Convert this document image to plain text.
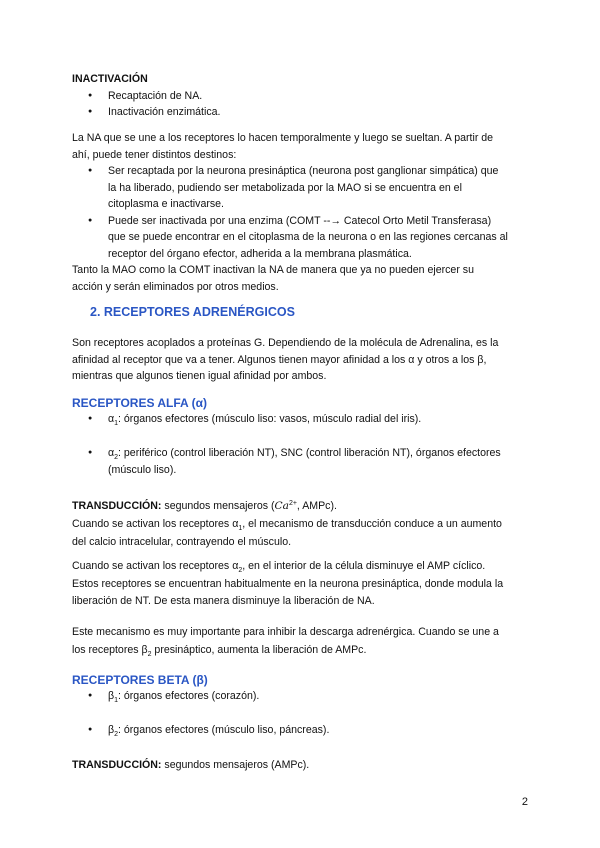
INACTIVACIÓN

● Recaptación de NA.
● Inactivación enzimática.

La NA que se une a los receptores lo hacen temporalmente y luego se sueltan. A partir de

ahí, puede tener distintos destinos:

● Ser recaptada por la neurona presináptica (neurona post ganglionar simpática) que
la ha liberado, pudiendo ser metabolizada por la MAO si se encuentra en el
citoplasma e inactivarse.
● Puede ser inactivada por una enzima (COMT --→ Catecol Orto Metil Transferasa)
que se puede encontrar en el citoplasma de la neurona o en las regiones cercanas al
receptor del órgano efector, adherida a la membrana plasmática.

Tanto la MAO como la COMT inactivan la NA de manera que ya no pueden ejercer su

acción y serán eliminados por otros medios.

2. RECEPTORES ADRENÉRGICOS

Son receptores acoplados a proteínas G. Dependiendo de la molécula de Adrenalina, es la

afinidad al receptor que va a tener. Algunos tienen mayor afinidad a los α y otros a los β,

mientras que algunos tienen igual afinidad por ambos.

RECEPTORES ALFA (α)
● $\alpha_1$: órganos efectores (músculo liso: vasos, músculo radial del iris).
● $\alpha_2$: periférico (control liberación NT), SNC (control liberación NT), órganos efectores
(músculo liso).

TRANSDUCCIÓN: segundos mensajeros ($Ca^{2+}$, AMPc).

Cuando se activan los receptores $\alpha_1$, el mecanismo de transducción conduce a un aumento

del calcio intracelular, contrayendo el músculo.

Cuando se activan los receptores $\alpha_2$, en el interior de la célula disminuye el AMP cíclico.

Estos receptores se encuentran habitualmente en la neurona presináptica, donde modula la

liberación de NT. De esta manera disminuye la liberación de NA.

Este mecanismo es muy importante para inhibir la descarga adrenérgica. Cuando se une a

los receptores $\beta_2$ presináptico, aumenta la liberación de AMPc.

RECEPTORES BETA (β)
● $\beta_1$: órganos efectores (corazón).
● $\beta_2$: órganos efectores (músculo liso, páncreas).

TRANSDUCCIÓN: segundos mensajeros (AMPc).

2
